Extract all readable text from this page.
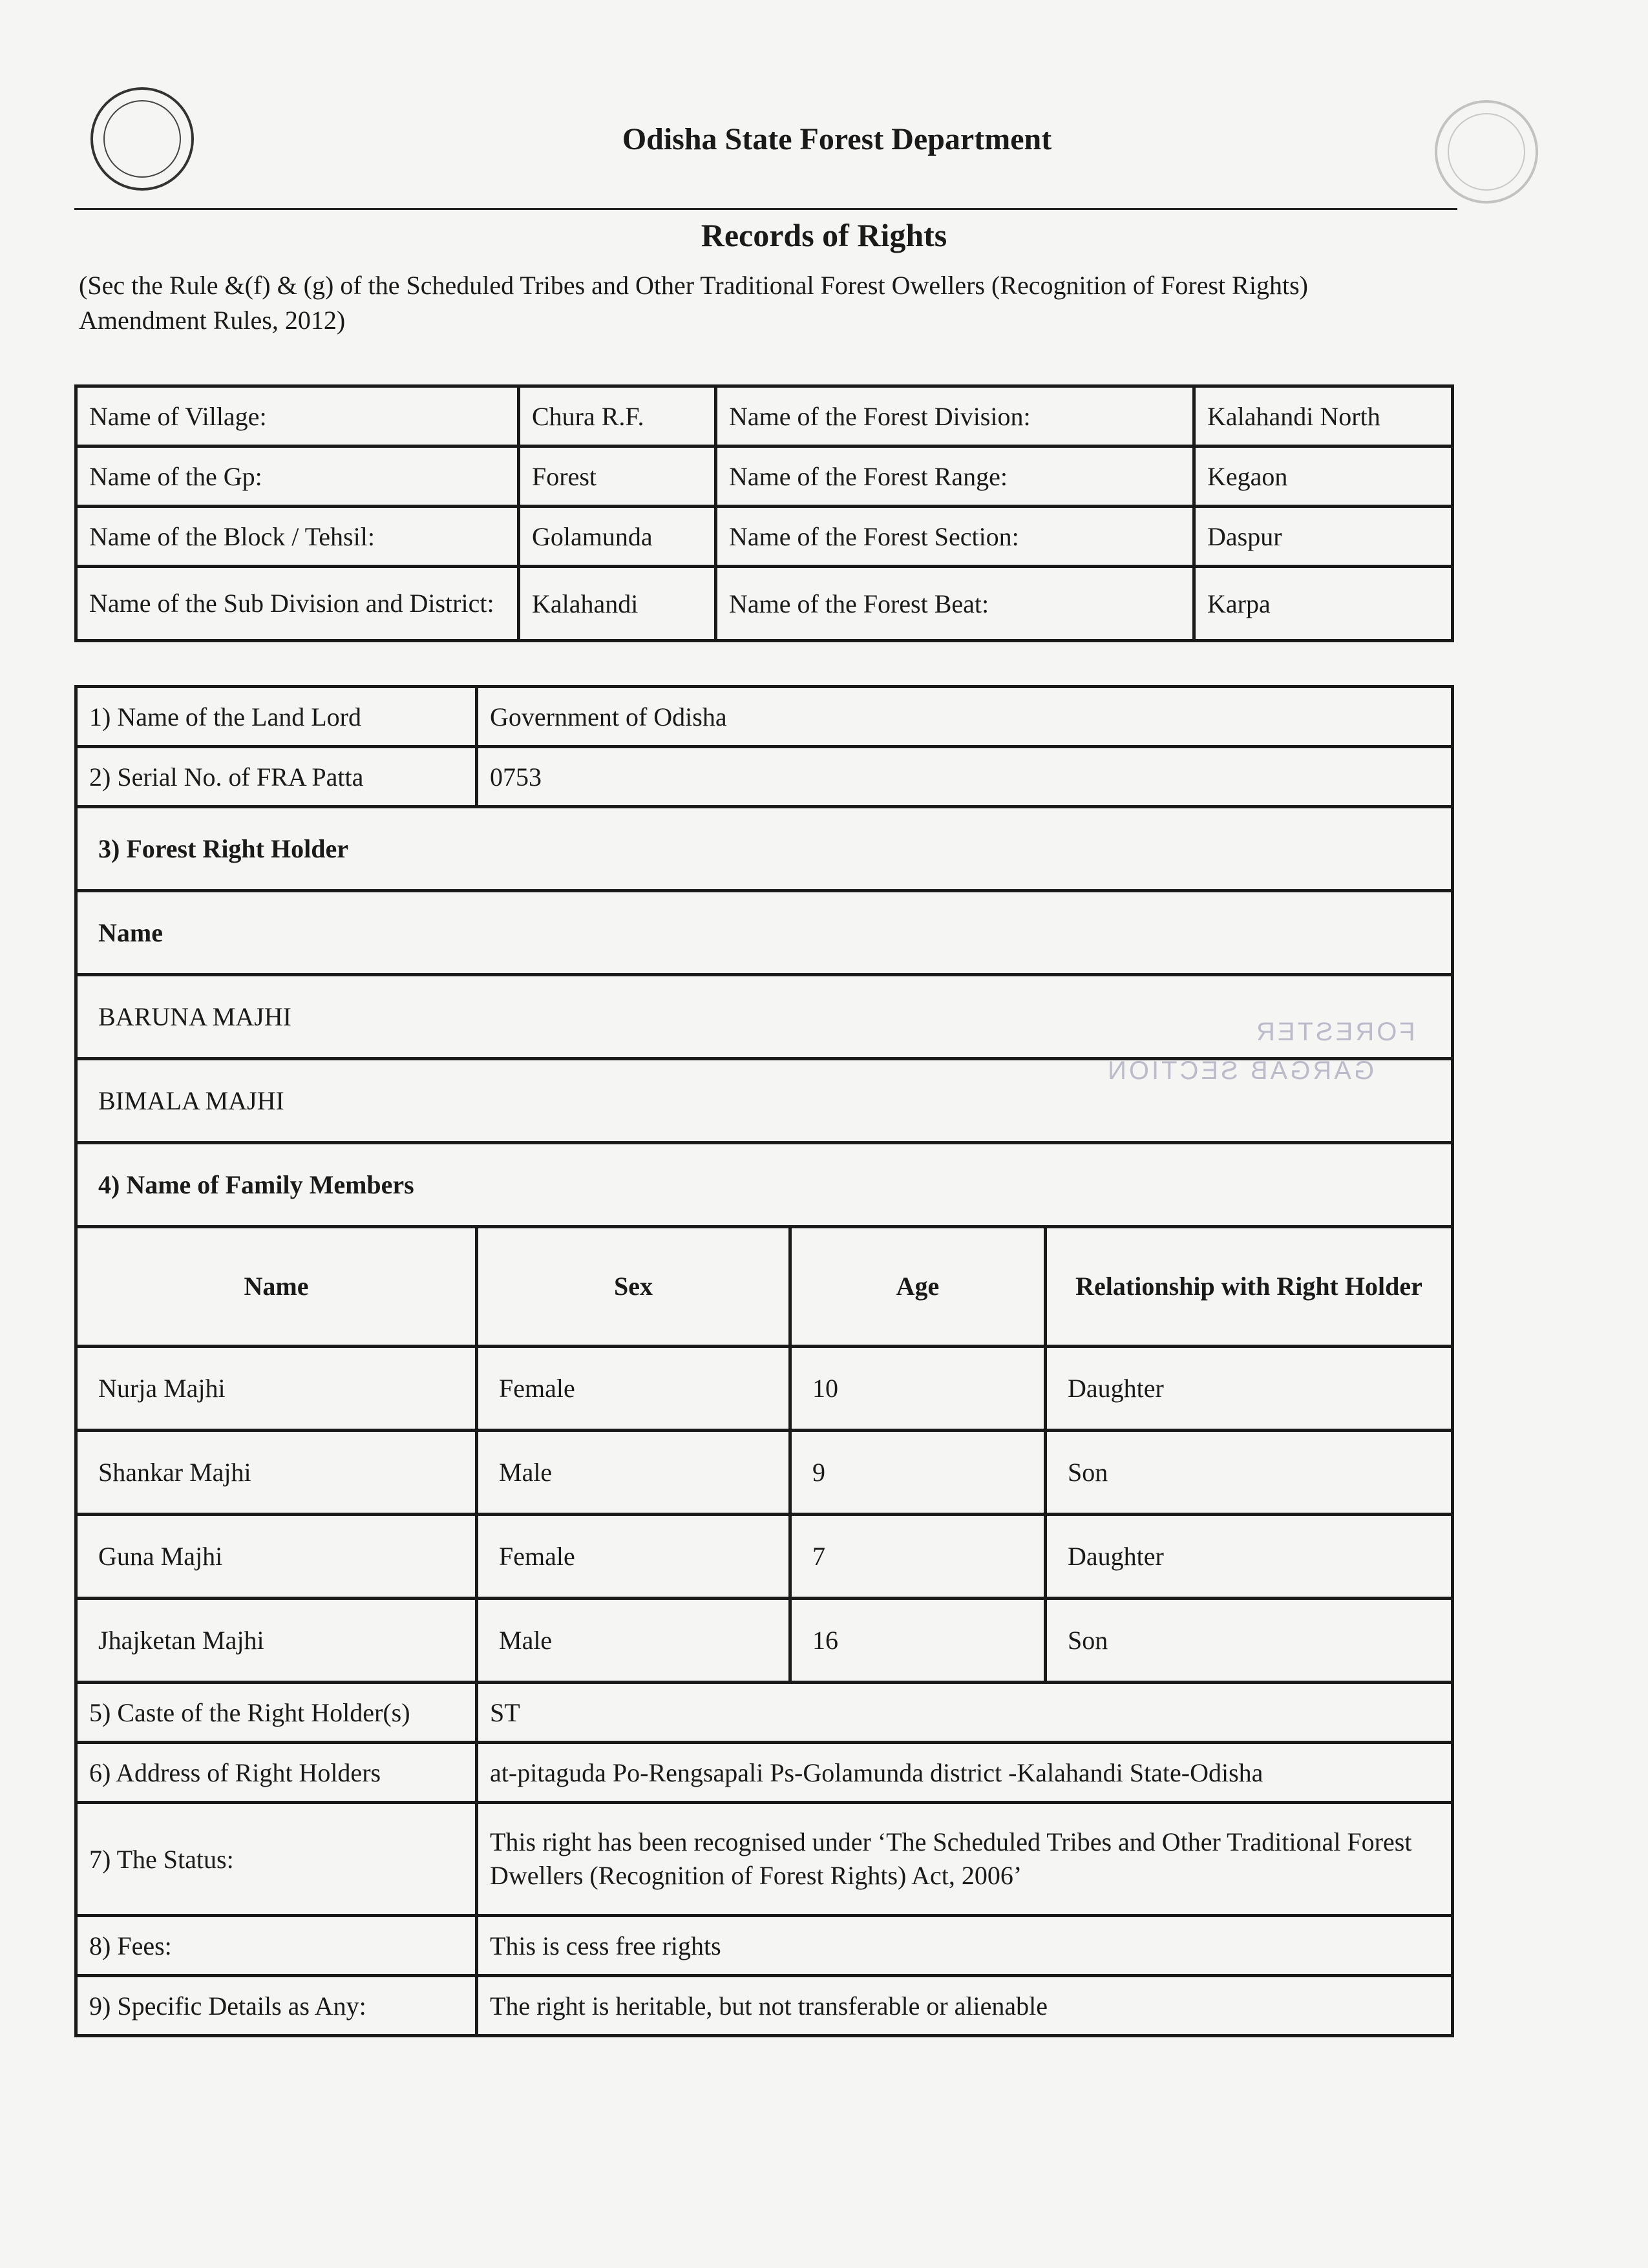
Odisha State Forest Department
Records of Rights
(Sec the Rule &(f) & (g) of the Scheduled Tribes and Other Traditional Forest Owellers (Recognition of Forest Rights) Amendment Rules, 2012)
Name of Village:	Chura R.F.	Name of the Forest Division:	Kalahandi North
Name of the Gp:	Forest	Name of the Forest Range:	Kegaon
Name of the Block / Tehsil:	Golamunda	Name of the Forest Section:	Daspur
Name of the Sub Division and District:	Kalahandi	Name of the Forest Beat:	Karpa
1) Name of the Land Lord	Government of Odisha		
2) Serial No. of FRA Patta	0753		
3) Forest Right Holder			
Name			
BARUNA MAJHI			
BIMALA MAJHI			
4) Name of Family Members			
Name	Sex	Age	Relationship with Right Holder
Nurja Majhi	Female	10	Daughter
Shankar Majhi	Male	9	Son
Guna Majhi	Female	7	Daughter
Jhajketan Majhi	Male	16	Son
5) Caste of the Right Holder(s)	ST		
6) Address of Right Holders	at-pitaguda Po-Rengsapali Ps-Golamunda district -Kalahandi State-Odisha		
7) The Status:	This right has been recognised under ‘The Scheduled Tribes and Other Traditional Forest Dwellers (Recognition of Forest Rights) Act, 2006’		
8) Fees:	This is cess free rights		
9) Specific Details as Any:	The right is heritable, but not transferable or alienable		
FORESTER
GARGAB SECTION
